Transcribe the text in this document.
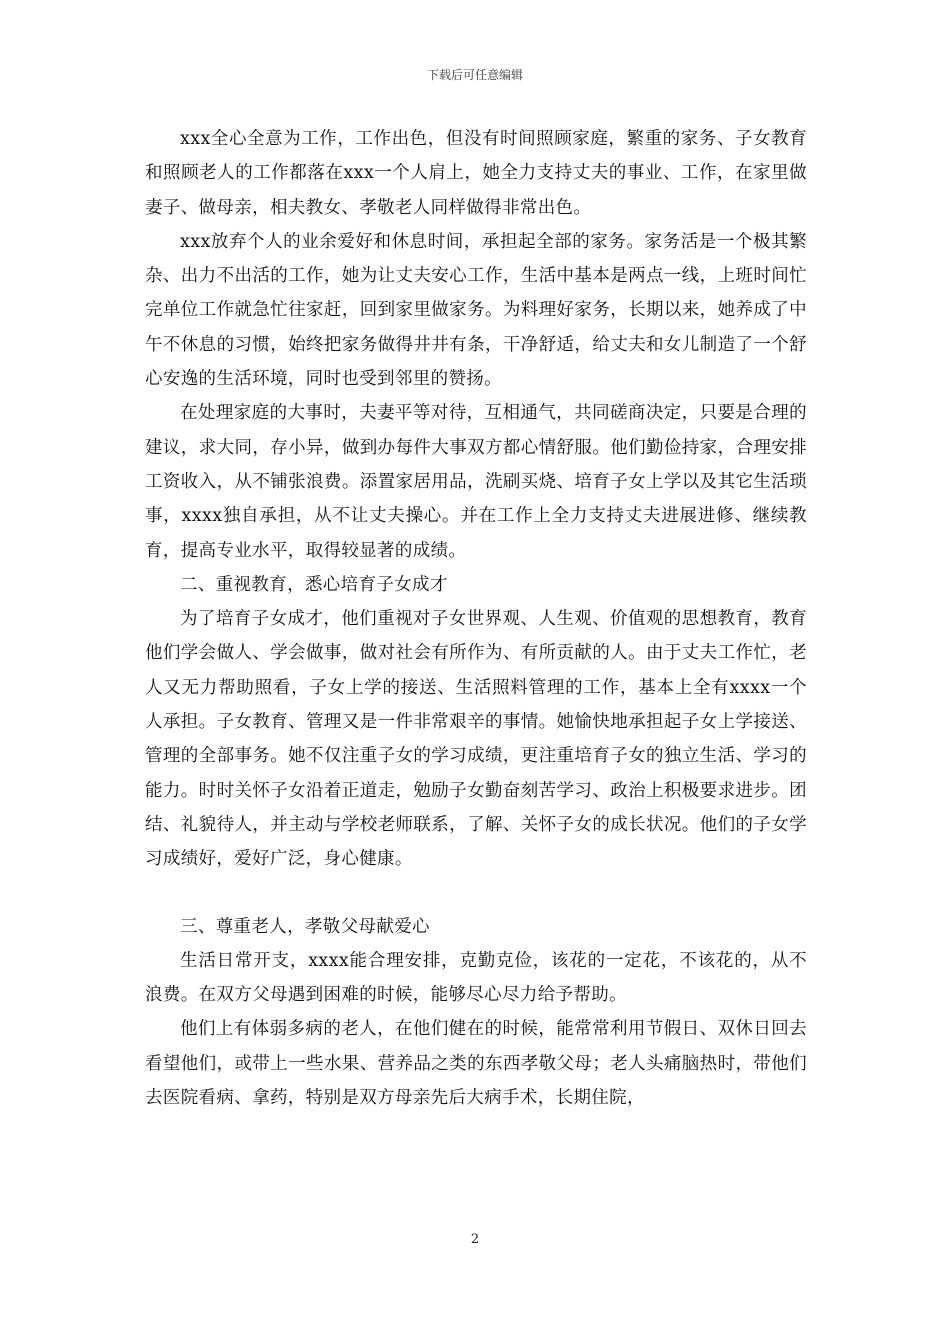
下载后可任意编辑

xxx全心全意为工作，工作出色，但没有时间照顾家庭，繁重的家务、子女教育和照顾老人的工作都落在xxx一个人肩上，她全力支持丈夫的事业、工作，在家里做妻子、做母亲，相夫教女、孝敬老人同样做得非常出色。

xxx放弃个人的业余爱好和休息时间，承担起全部的家务。家务活是一个极其繁杂、出力不出活的工作，她为让丈夫安心工作，生活中基本是两点一线，上班时间忙完单位工作就急忙往家赶，回到家里做家务。为料理好家务，长期以来，她养成了中午不休息的习惯，始终把家务做得井井有条，干净舒适，给丈夫和女儿制造了一个舒心安逸的生活环境，同时也受到邻里的赞扬。

在处理家庭的大事时，夫妻平等对待，互相通气，共同磋商决定，只要是合理的建议，求大同，存小异，做到办每件大事双方都心情舒服。他们勤俭持家，合理安排工资收入，从不铺张浪费。添置家居用品，洗刷买烧、培育子女上学以及其它生活琐事，xxxx独自承担，从不让丈夫操心。并在工作上全力支持丈夫进展进修、继续教育，提高专业水平，取得较显著的成绩。

二、重视教育，悉心培育子女成才

为了培育子女成才，他们重视对子女世界观、人生观、价值观的思想教育，教育他们学会做人、学会做事，做对社会有所作为、有所贡献的人。由于丈夫工作忙，老人又无力帮助照看，子女上学的接送、生活照料管理的工作，基本上全有xxxx一个人承担。子女教育、管理又是一件非常艰辛的事情。她愉快地承担起子女上学接送、管理的全部事务。她不仅注重子女的学习成绩，更注重培育子女的独立生活、学习的能力。时时关怀子女沿着正道走，勉励子女勤奋刻苦学习、政治上积极要求进步。团结、礼貌待人，并主动与学校老师联系，了解、关怀子女的成长状况。他们的子女学习成绩好，爱好广泛，身心健康。

三、尊重老人，孝敬父母献爱心

生活日常开支，xxxx能合理安排，克勤克俭，该花的一定花，不该花的，从不浪费。在双方父母遇到困难的时候，能够尽心尽力给予帮助。

他们上有体弱多病的老人，在他们健在的时候，能常常利用节假日、双休日回去看望他们，或带上一些水果、营养品之类的东西孝敬父母；老人头痛脑热时，带他们去医院看病、拿药，特别是双方母亲先后大病手术，长期住院，

2
